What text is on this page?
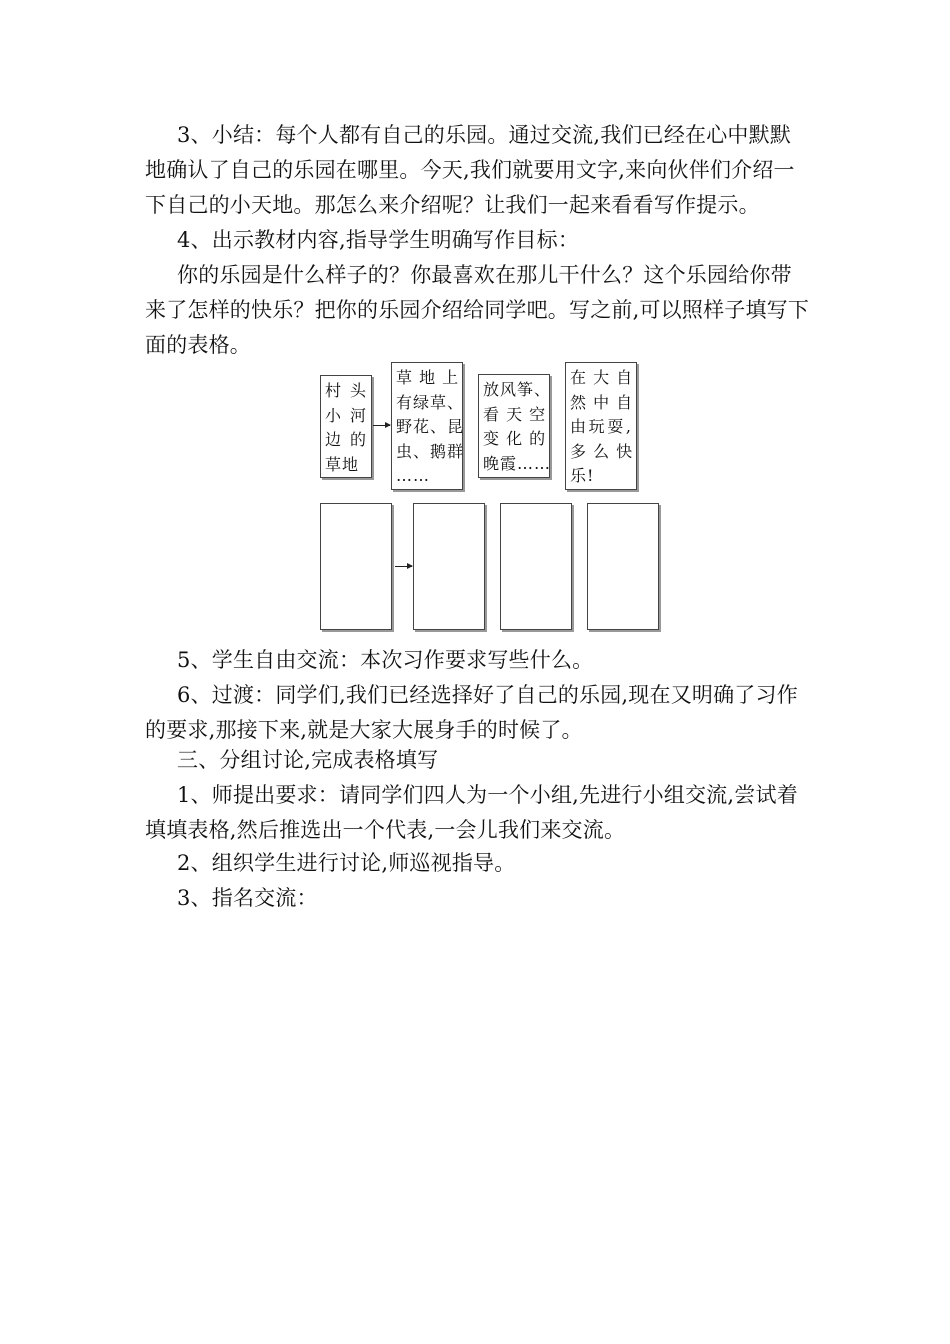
3、小结：每个人都有自己的乐园。通过交流,我们已经在心中默默地确认了自己的乐园在哪里。今天,我们就要用文字,来向伙伴们介绍一下自己的小天地。那怎么来介绍呢？让我们一起来看看写作提示。
4、出示教材内容,指导学生明确写作目标：
你的乐园是什么样子的？你最喜欢在那儿干什么？这个乐园给你带来了怎样的快乐？把你的乐园介绍给同学吧。写之前,可以照样子填写下面的表格。
村 头
小 河
边 的
草地
草 地 上
有绿草、
野花、昆
虫、鹅群
……
放风筝、
看 天 空
变 化 的
晚霞……
在 大 自
然 中 自
由玩耍,
多 么 快
乐!
5、学生自由交流：本次习作要求写些什么。
6、过渡：同学们,我们已经选择好了自己的乐园,现在又明确了习作的要求,那接下来,就是大家大展身手的时候了。
三、分组讨论,完成表格填写
1、师提出要求：请同学们四人为一个小组,先进行小组交流,尝试着填填表格,然后推选出一个代表,一会儿我们来交流。
2、组织学生进行讨论,师巡视指导。
3、指名交流：
